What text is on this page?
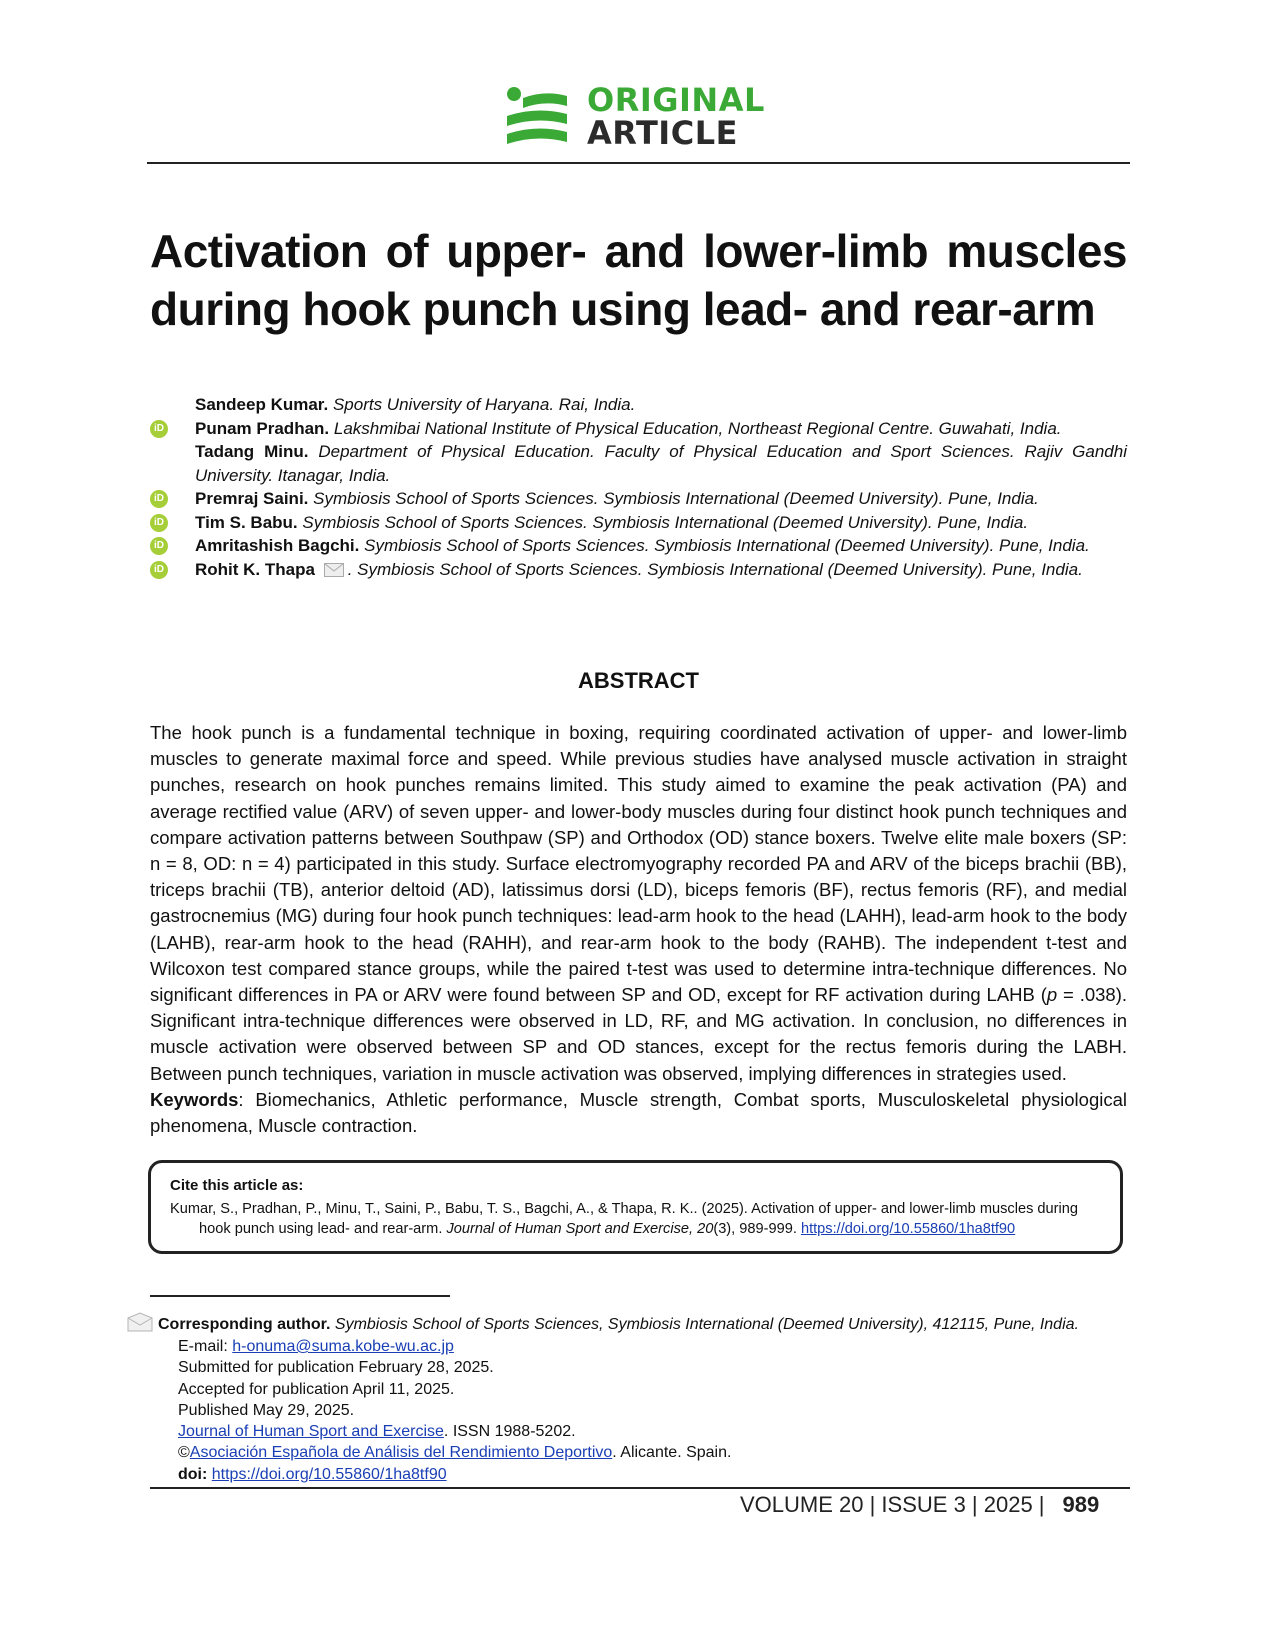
ORIGINAL
ARTICLE
Activation of upper- and lower-limb muscles during hook punch using lead- and rear-arm
Sandeep Kumar. Sports University of Haryana. Rai, India.
iD Punam Pradhan. Lakshmibai National Institute of Physical Education, Northeast Regional Centre. Guwahati, India.
Tadang Minu. Department of Physical Education. Faculty of Physical Education and Sport Sciences. Rajiv Gandhi University. Itanagar, India.
iD Premraj Saini. Symbiosis School of Sports Sciences. Symbiosis International (Deemed University). Pune, India.
iD Tim S. Babu. Symbiosis School of Sports Sciences. Symbiosis International (Deemed University). Pune, India.
iD Amritashish Bagchi. Symbiosis School of Sports Sciences. Symbiosis International (Deemed University). Pune, India.
iD Rohit K. Thapa . Symbiosis School of Sports Sciences. Symbiosis International (Deemed University). Pune, India.
ABSTRACT
The hook punch is a fundamental technique in boxing, requiring coordinated activation of upper- and lower-limb muscles to generate maximal force and speed. While previous studies have analysed muscle activation in straight punches, research on hook punches remains limited. This study aimed to examine the peak activation (PA) and average rectified value (ARV) of seven upper- and lower-body muscles during four distinct hook punch techniques and compare activation patterns between Southpaw (SP) and Orthodox (OD) stance boxers. Twelve elite male boxers (SP: n = 8, OD: n = 4) participated in this study. Surface electromyography recorded PA and ARV of the biceps brachii (BB), triceps brachii (TB), anterior deltoid (AD), latissimus dorsi (LD), biceps femoris (BF), rectus femoris (RF), and medial gastrocnemius (MG) during four hook punch techniques: lead-arm hook to the head (LAHH), lead-arm hook to the body (LAHB), rear-arm hook to the head (RAHH), and rear-arm hook to the body (RAHB). The independent t-test and Wilcoxon test compared stance groups, while the paired t-test was used to determine intra-technique differences. No significant differences in PA or ARV were found between SP and OD, except for RF activation during LAHB (p = .038). Significant intra-technique differences were observed in LD, RF, and MG activation. In conclusion, no differences in muscle activation were observed between SP and OD stances, except for the rectus femoris during the LABH. Between punch techniques, variation in muscle activation was observed, implying differences in strategies used.
Keywords: Biomechanics, Athletic performance, Muscle strength, Combat sports, Musculoskeletal physiological phenomena, Muscle contraction.
Cite this article as:
Kumar, S., Pradhan, P., Minu, T., Saini, P., Babu, T. S., Bagchi, A., & Thapa, R. K.. (2025). Activation of upper- and lower-limb muscles during
hook punch using lead- and rear-arm. Journal of Human Sport and Exercise, 20(3), 989-999. https://doi.org/10.55860/1ha8tf90
Corresponding author. Symbiosis School of Sports Sciences, Symbiosis International (Deemed University), 412115, Pune, India.
E-mail: h-onuma@suma.kobe-wu.ac.jp
Submitted for publication February 28, 2025.
Accepted for publication April 11, 2025.
Published May 29, 2025.
Journal of Human Sport and Exercise. ISSN 1988-5202.
©Asociación Española de Análisis del Rendimiento Deportivo. Alicante. Spain.
doi: https://doi.org/10.55860/1ha8tf90
VOLUME 20 | ISSUE 3 | 2025 | 989
